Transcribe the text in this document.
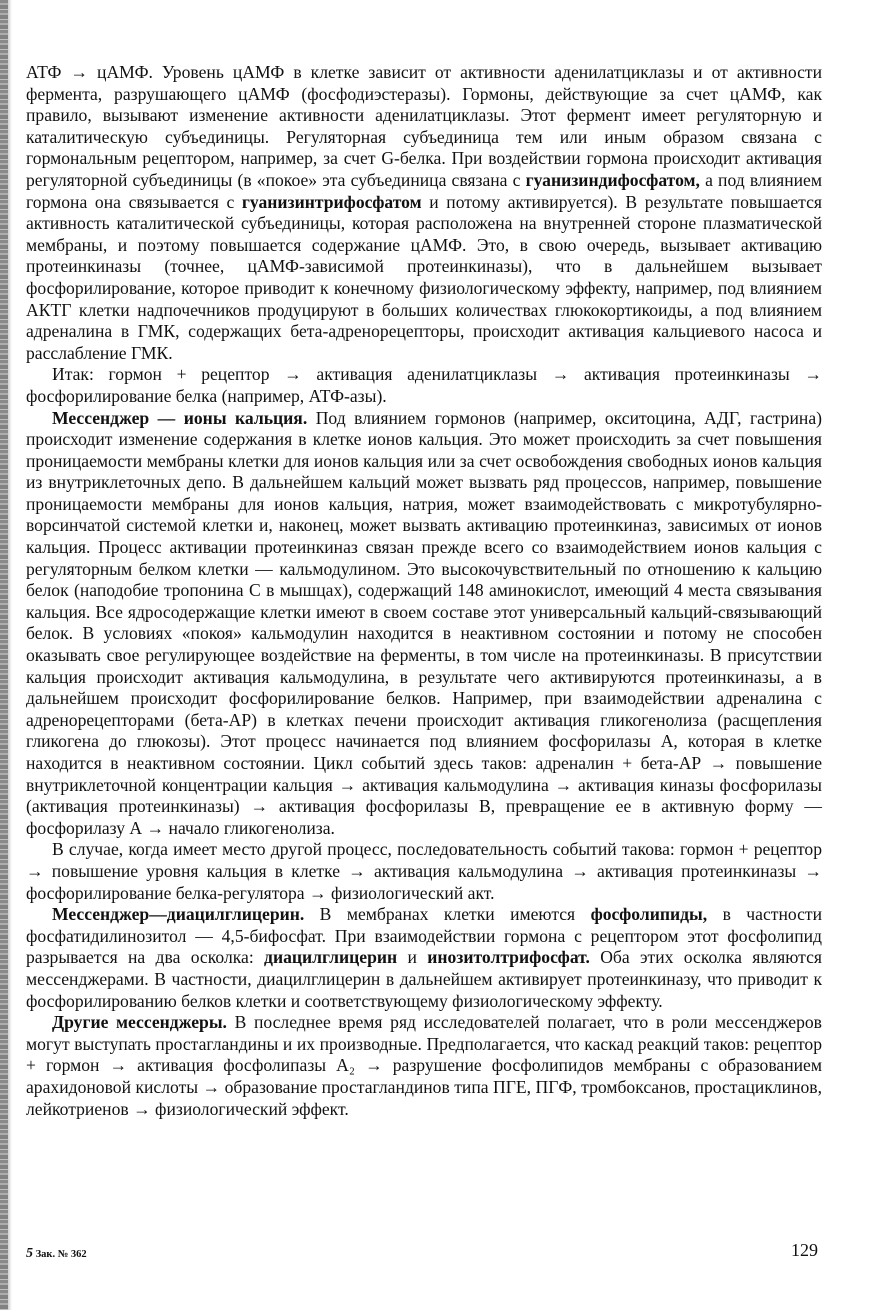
АТФ → цАМФ. Уровень цАМФ в клетке зависит от активности аденилатциклазы и от активности фермента, разрушающего цАМФ (фосфодиэстеразы). Гормоны, действующие за счет цАМФ, как правило, вызывают изменение активности аденилатциклазы. Этот фермент имеет регуляторную и каталитическую субъединицы. Регуляторная субъединица тем или иным образом связана с гормональным рецептором, например, за счет G-белка. При воздействии гормона происходит активация регуляторной субъединицы (в «покое» эта субъединица связана с гуанизиндифосфатом, а под влиянием гормона она связывается с гуанизинтрифосфатом и потому активируется). В результате повышается активность каталитической субъединицы, которая расположена на внутренней стороне плазматической мембраны, и поэтому повышается содержание цАМФ. Это, в свою очередь, вызывает активацию протеинкиназы (точнее, цАМФ-зависимой протеинкиназы), что в дальнейшем вызывает фосфорилирование, которое приводит к конечному физиологическому эффекту, например, под влиянием АКТГ клетки надпочечников продуцируют в больших количествах глюкокортикоиды, а под влиянием адреналина в ГМК, содержащих бета-адренорецепторы, происходит активация кальциевого насоса и расслабление ГМК.

Итак: гормон + рецептор → активация аденилатциклазы → активация протеинкиназы → фосфорилирование белка (например, АТФ-азы).

Мессенджер — ионы кальция. Под влиянием гормонов (например, окситоцина, АДГ, гастрина) происходит изменение содержания в клетке ионов кальция. Это может происходить за счет повышения проницаемости мембраны клетки для ионов кальция или за счет освобождения свободных ионов кальция из внутриклеточных депо. В дальнейшем кальций может вызвать ряд процессов, например, повышение проницаемости мембраны для ионов кальция, натрия, может взаимодействовать с микротубулярно-ворсинчатой системой клетки и, наконец, может вызвать активацию протеинкиназ, зависимых от ионов кальция. Процесс активации протеинкиназ связан прежде всего со взаимодействием ионов кальция с регуляторным белком клетки — кальмодулином. Это высокочувствительный по отношению к кальцию белок (наподобие тропонина С в мышцах), содержащий 148 аминокислот, имеющий 4 места связывания кальция. Все ядросодержащие клетки имеют в своем составе этот универсальный кальций-связывающий белок. В условиях «покоя» кальмодулин находится в неактивном состоянии и потому не способен оказывать свое регулирующее воздействие на ферменты, в том числе на протеинкиназы. В присутствии кальция происходит активация кальмодулина, в результате чего активируются протеинкиназы, а в дальнейшем происходит фосфорилирование белков. Например, при взаимодействии адреналина с адренорецепторами (бета-АР) в клетках печени происходит активация гликогенолиза (расщепления гликогена до глюкозы). Этот процесс начинается под влиянием фосфорилазы А, которая в клетке находится в неактивном состоянии. Цикл событий здесь таков: адреналин + бета-АР → повышение внутриклеточной концентрации кальция → активация кальмодулина → активация киназы фосфорилазы (активация протеинкиназы) → активация фосфорилазы В, превращение ее в активную форму — фосфорилазу А → начало гликогенолиза.

В случае, когда имеет место другой процесс, последовательность событий такова: гормон + рецептор → повышение уровня кальция в клетке → активация кальмодулина → активация протеинкиназы → фосфорилирование белка-регулятора → физиологический акт.

Мессенджер—диацилглицерин. В мембранах клетки имеются фосфолипиды, в частности фосфатидилинозитол — 4,5-бифосфат. При взаимодействии гормона с рецептором этот фосфолипид разрывается на два осколка: диацилглицерин и инозитолтрифосфат. Оба этих осколка являются мессенджерами. В частности, диацилглицерин в дальнейшем активирует протеинкиназу, что приводит к фосфорилированию белков клетки и соответствующему физиологическому эффекту.

Другие мессенджеры. В последнее время ряд исследователей полагает, что в роли мессенджеров могут выступать простагландины и их производные. Предполагается, что каскад реакций таков: рецептор + гормон → активация фосфолипазы А₂ → разрушение фосфолипидов мембраны с образованием арахидоновой кислоты → образование простагландинов типа ПГЕ, ПГФ, тромбоксанов, простациклинов, лейкотриенов → физиологический эффект.

5 Зак. № 362	129
